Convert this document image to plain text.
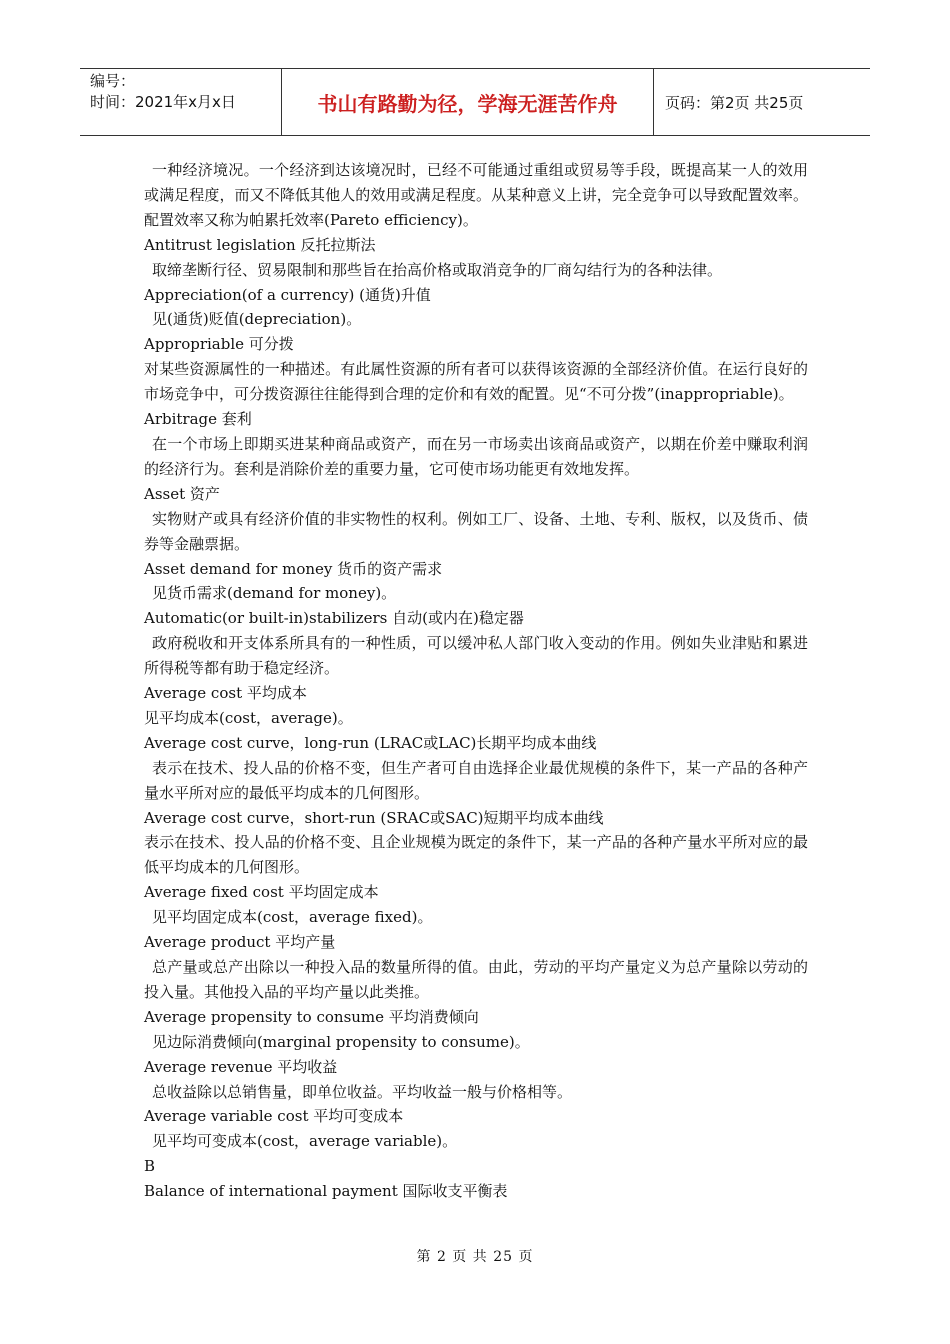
编号：
时间：2021年x月x日	书山有路勤为径，学海无涯苦作舟	页码：第2页 共25页

一种经济境况。一个经济到达该境况时，已经不可能通过重组或贸易等手段，既提高某一人的效用或满足程度，而又不降低其他人的效用或满足程度。从某种意义上讲，完全竞争可以导致配置效率。配置效率又称为帕累托效率(Pareto efficiency)。

Antitrust legislation 反托拉斯法

取缔垄断行径、贸易限制和那些旨在抬高价格或取消竞争的厂商勾结行为的各种法律。

Appreciation(of a currency) (通货)升值

见(通货)贬值(depreciation)。

Appropriable 可分拨

对某些资源属性的一种描述。有此属性资源的所有者可以获得该资源的全部经济价值。在运行良好的市场竞争中，可分拨资源往往能得到合理的定价和有效的配置。见“不可分拨”(inappropriable)。

Arbitrage 套利

在一个市场上即期买进某种商品或资产，而在另一市场卖出该商品或资产，以期在价差中赚取利润的经济行为。套利是消除价差的重要力量，它可使市场功能更有效地发挥。

Asset 资产

实物财产或具有经济价值的非实物性的权利。例如工厂、设备、土地、专利、版权，以及货币、债券等金融票据。

Asset demand for money 货币的资产需求

见货币需求(demand for money)。

Automatic(or built-in)stabilizers 自动(或内在)稳定器

政府税收和开支体系所具有的一种性质，可以缓冲私人部门收入变动的作用。例如失业津贴和累进所得税等都有助于稳定经济。

Average cost 平均成本

见平均成本(cost，average)。

Average cost curve，long-run (LRAC或LAC)长期平均成本曲线

表示在技术、投人品的价格不变，但生产者可自由选择企业最优规模的条件下，某一产品的各种产量水平所对应的最低平均成本的几何图形。

Average cost curve，short-run (SRAC或SAC)短期平均成本曲线

表示在技术、投人品的价格不变、且企业规模为既定的条件下，某一产品的各种产量水平所对应的最低平均成本的几何图形。

Average fixed cost 平均固定成本

见平均固定成本(cost，average fixed)。

Average product 平均产量

总产量或总产出除以一种投入品的数量所得的值。由此，劳动的平均产量定义为总产量除以劳动的投入量。其他投入品的平均产量以此类推。

Average propensity to consume 平均消费倾向

见边际消费倾向(marginal propensity to consume)。

Average revenue 平均收益

总收益除以总销售量，即单位收益。平均收益一般与价格相等。

Average variable cost 平均可变成本

见平均可变成本(cost，average variable)。

B

Balance of international payment 国际收支平衡表

第 2 页 共 25 页
